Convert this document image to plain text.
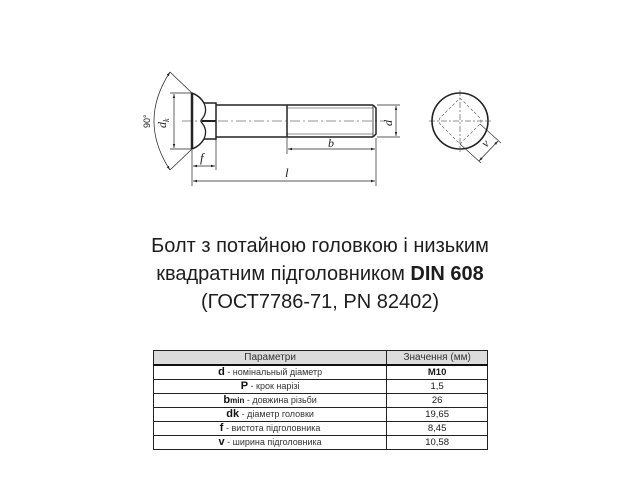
90° $d_k$
f
l
b
d
v
Болт з потайною головкою і низьким
квадратним підголовником DIN 608
(ГОСТ7786-71, PN 82402)
Параметри	Значення (мм)
d - номінальный діаметр	M10
P - крок нарізі	1,5
bmin - довжина різьби	26
dk - діаметр головки	19,65
f - вистота підголовника	8,45
v - ширина підголовника	10,58
